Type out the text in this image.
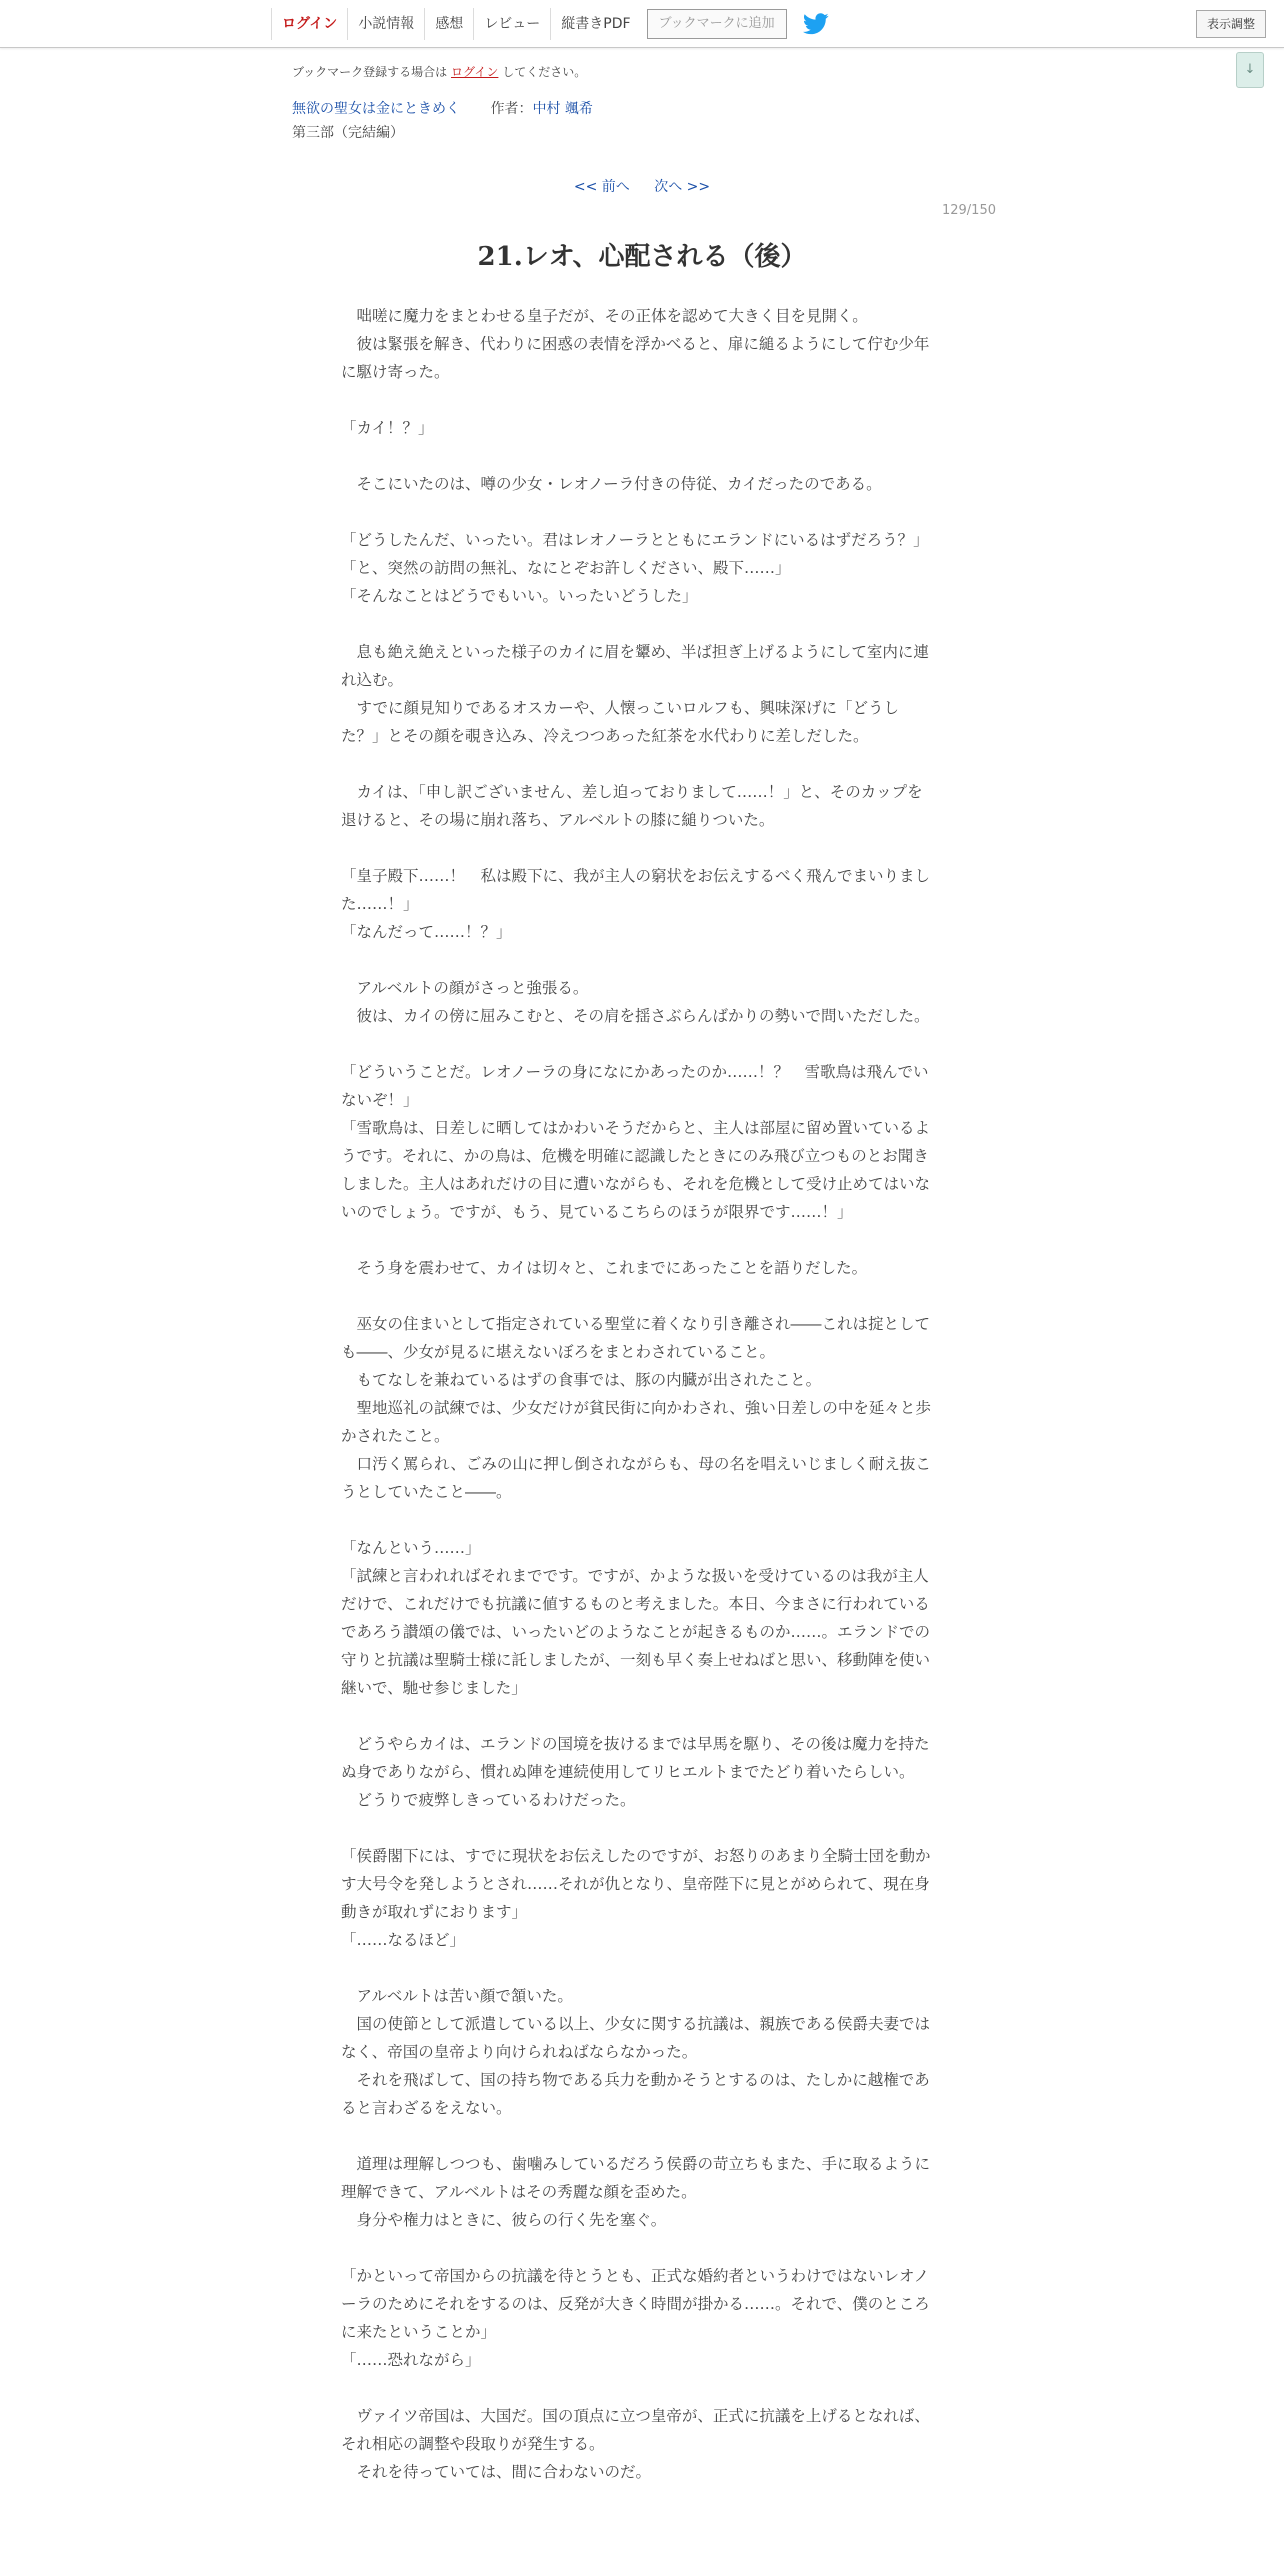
ログイン	小説情報	感想	レビュー	縦書きPDF	ブックマークに追加	表示調整
↓
ブックマーク登録する場合は ログイン してください。
無欲の聖女は金にときめく 作者：中村 颯希
第三部（完結編）
<< 前へ 次へ >>
129/150
21.レオ、心配される（後）

　咄嗟に魔力をまとわせる皇子だが、その正体を認めて大きく目を見開く。

　彼は緊張を解き、代わりに困惑の表情を浮かべると、扉に縋るようにして佇む少年に駆け寄った。

「カイ！？」

　そこにいたのは、噂の少女・レオノーラ付きの侍従、カイだったのである。

「どうしたんだ、いったい。君はレオノーラとともにエランドにいるはずだろう？」

「と、突然の訪問の無礼、なにとぞお許しください、殿下……」

「そんなことはどうでもいい。いったいどうした」

　息も絶え絶えといった様子のカイに眉を顰め、半ば担ぎ上げるようにして室内に連れ込む。

　すでに顔見知りであるオスカーや、人懐っこいロルフも、興味深げに「どうした？」とその顔を覗き込み、冷えつつあった紅茶を水代わりに差しだした。

　カイは、「申し訳ございません、差し迫っておりまして……！」と、そのカップを退けると、その場に崩れ落ち、アルベルトの膝に縋りついた。

「皇子殿下……！　私は殿下に、我が主人の窮状をお伝えするべく飛んでまいりました……！」

「なんだって……！？」

　アルベルトの顔がさっと強張る。

　彼は、カイの傍に屈みこむと、その肩を揺さぶらんばかりの勢いで問いただした。

「どういうことだ。レオノーラの身になにかあったのか……！？　雪歌鳥は飛んでいないぞ！」

「雪歌鳥は、日差しに晒してはかわいそうだからと、主人は部屋に留め置いているようです。それに、かの鳥は、危機を明確に認識したときにのみ飛び立つものとお聞きしました。主人はあれだけの目に遭いながらも、それを危機として受け止めてはいないのでしょう。ですが、もう、見ているこちらのほうが限界です……！」

　そう身を震わせて、カイは切々と、これまでにあったことを語りだした。

　巫女の住まいとして指定されている聖堂に着くなり引き離され――これは掟としても――、少女が見るに堪えないぼろをまとわされていること。

　もてなしを兼ねているはずの食事では、豚の内臓が出されたこと。

　聖地巡礼の試練では、少女だけが貧民街に向かわされ、強い日差しの中を延々と歩かされたこと。

　口汚く罵られ、ごみの山に押し倒されながらも、母の名を唱えいじましく耐え抜こうとしていたこと――。

「なんという……」

「試練と言われればそれまでです。ですが、かような扱いを受けているのは我が主人だけで、これだけでも抗議に値するものと考えました。本日、今まさに行われているであろう讃頌の儀では、いったいどのようなことが起きるものか……。エランドでの守りと抗議は聖騎士様に託しましたが、一刻も早く奏上せねばと思い、移動陣を使い継いで、馳せ参じました」

　どうやらカイは、エランドの国境を抜けるまでは早馬を駆り、その後は魔力を持たぬ身でありながら、慣れぬ陣を連続使用してリヒエルトまでたどり着いたらしい。

　どうりで疲弊しきっているわけだった。

「侯爵閣下には、すでに現状をお伝えしたのですが、お怒りのあまり全騎士団を動かす大号令を発しようとされ……それが仇となり、皇帝陛下に見とがめられて、現在身動きが取れずにおります」

「……なるほど」

　アルベルトは苦い顔で頷いた。

　国の使節として派遣している以上、少女に関する抗議は、親族である侯爵夫妻ではなく、帝国の皇帝より向けられねばならなかった。

　それを飛ばして、国の持ち物である兵力を動かそうとするのは、たしかに越権であると言わざるをえない。

　道理は理解しつつも、歯噛みしているだろう侯爵の苛立ちもまた、手に取るように理解できて、アルベルトはその秀麗な顔を歪めた。

　身分や権力はときに、彼らの行く先を塞ぐ。

「かといって帝国からの抗議を待とうとも、正式な婚約者というわけではないレオノーラのためにそれをするのは、反発が大きく時間が掛かる……。それで、僕のところに来たということか」

「……恐れながら」

　ヴァイツ帝国は、大国だ。国の頂点に立つ皇帝が、正式に抗議を上げるとなれば、それ相応の調整や段取りが発生する。

　それを待っていては、間に合わないのだ。
